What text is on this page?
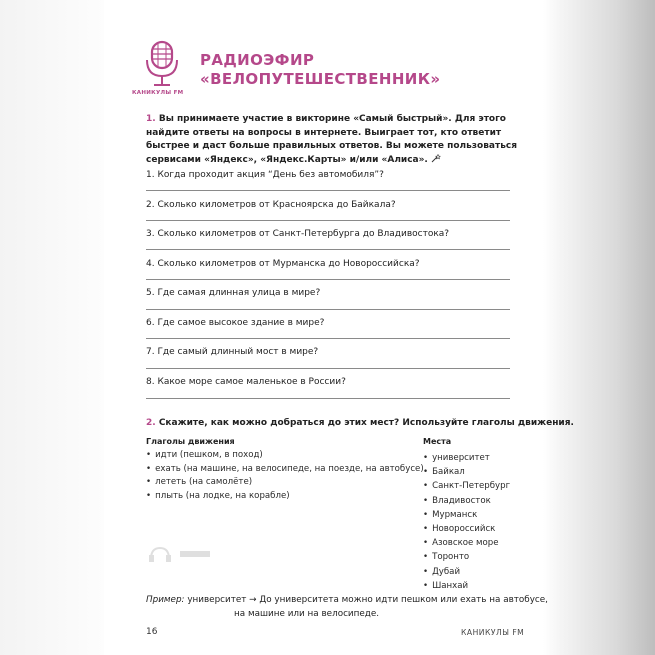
КАНИКУЛЫ FM
РАДИОЭФИР
«ВЕЛОПУТЕШЕСТВЕННИК»
1. Вы принимаете участие в викторине «Самый быстрый». Для этого найдите ответы на вопросы в интернете. Выиграет тот, кто ответит быстрее и даст больше правильных ответов. Вы можете пользоваться сервисами «Яндекс», «Яндекс.Карты» и/или «Алиса».
1. Когда проходит акция “День без автомобиля”?
2. Сколько километров от Красноярска до Байкала?
3. Сколько километров от Санкт-Петербурга до Владивостока?
4. Сколько километров от Мурманска до Новороссийска?
5. Где самая длинная улица в мире?
6. Где самое высокое здание в мире?
7. Где самый длинный мост в мире?
8. Какое море самое маленькое в России?
2. Скажите, как можно добраться до этих мест? Используйте глаголы движения.
Глаголы движения	Места
• идти (пешком, в поход)
• ехать (на машине, на велосипеде, на поезде, на автобусе)
• лететь (на самолёте)
• плыть (на лодке, на корабле)
• университет
• Байкал
• Санкт-Петербург
• Владивосток
• Мурманск
• Новороссийск
• Азовское море
• Торонто
• Дубай
• Шанхай
Пример: университет → До университета можно идти пешком или ехать на автобусе,
на машине или на велосипеде.
16	КАНИКУЛЫ FM
